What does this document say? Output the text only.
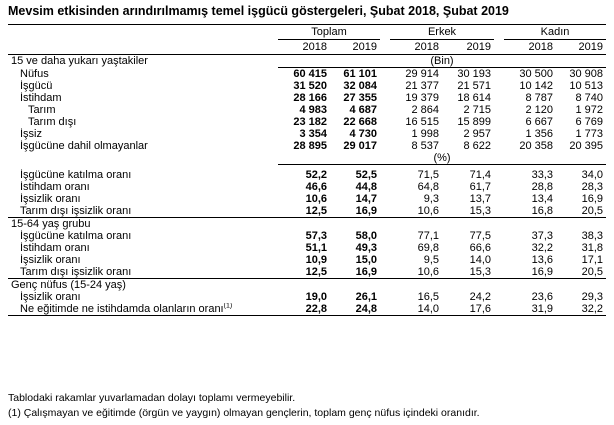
Mevsim etkisinden arındırılmamış temel işgücü göstergeleri, Şubat 2018, Şubat 2019
	Toplam			Erkek			Kadın	
	2018	2019		2018	2019		2018	2019
15 ve daha yukarı yaştakiler	(Bin)							
Nüfus	60 415	61 101		29 914	30 193		30 500	30 908
İşgücü	31 520	32 084		21 377	21 571		10 142	10 513
İstihdam	28 166	27 355		19 379	18 614		8 787	8 740
Tarım	4 983	4 687		2 864	2 715		2 120	1 972
Tarım dışı	23 182	22 668		16 515	15 899		6 667	6 769
İşsiz	3 354	4 730		1 998	2 957		1 356	1 773
İşgücüne dahil olmayanlar	28 895	29 017		8 537	8 622		20 358	20 395
	(%)							

İşgücüne katılma oranı	52,2	52,5		71,5	71,4		33,3	34,0
İstihdam oranı	46,6	44,8		64,8	61,7		28,8	28,3
İşsizlik oranı	10,6	14,7		9,3	13,7		13,4	16,9
Tarım dışı işsizlik oranı	12,5	16,9		10,6	15,3		16,8	20,5
15-64 yaş grubu								
İşgücüne katılma oranı	57,3	58,0		77,1	77,5		37,3	38,3
İstihdam oranı	51,1	49,3		69,8	66,6		32,2	31,8
İşsizlik oranı	10,9	15,0		9,5	14,0		13,6	17,1
Tarım dışı işsizlik oranı	12,5	16,9		10,6	15,3		16,9	20,5
Genç nüfus (15-24 yaş)								
İşsizlik oranı	19,0	26,1		16,5	24,2		23,6	29,3
Ne eğitimde ne istihdamda olanların oranı$^{(1)}$	22,8	24,8		14,0	17,6		31,9	32,2
Tablodaki rakamlar yuvarlamadan dolayı toplamı vermeyebilir.
(1) Çalışmayan ve eğitimde (örgün ve yaygın) olmayan gençlerin, toplam genç nüfus içindeki oranıdır.
